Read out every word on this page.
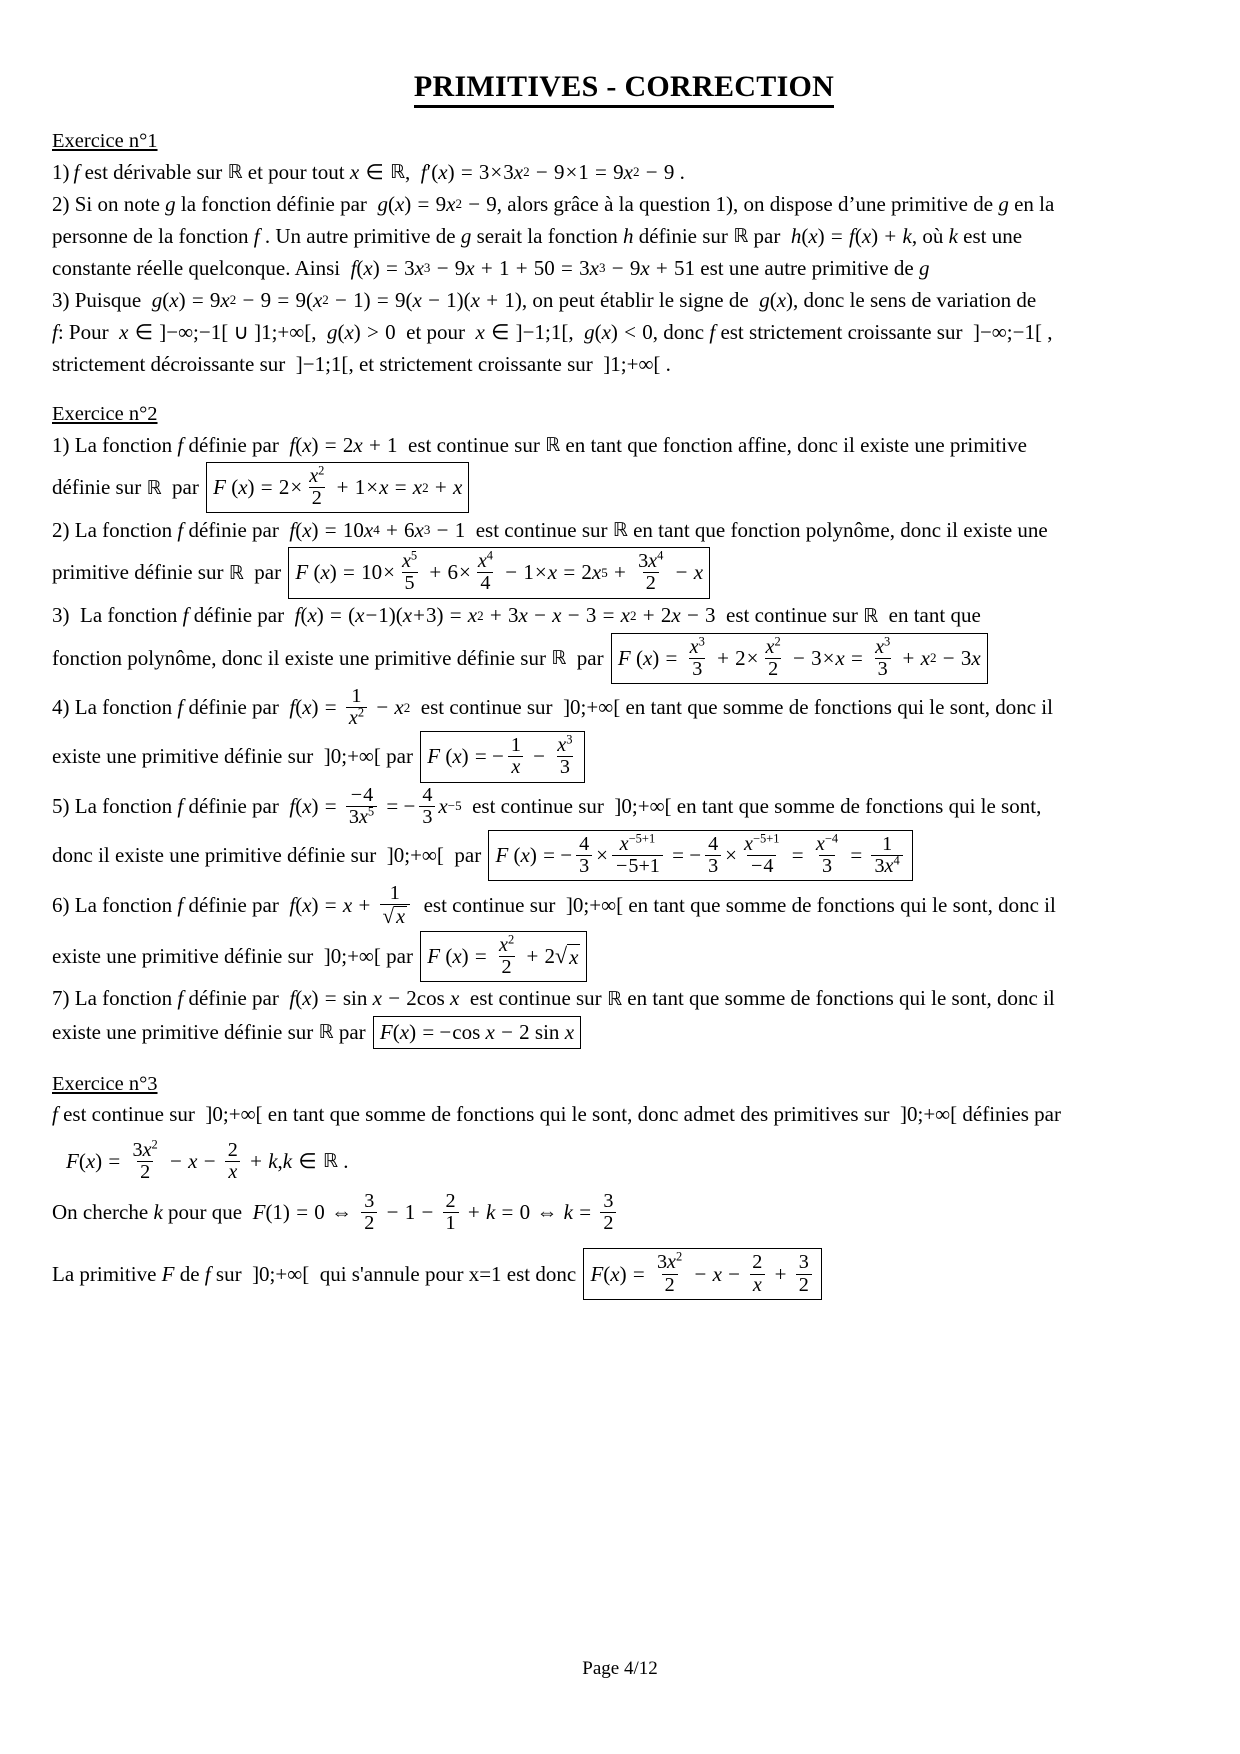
PRIMITIVES - CORRECTION
Exercice n°1
1) f est dérivable sur ℝ et pour tout x ∈ ℝ , f ′( x ) = 3 × 3 x 2 − 9 × 1 = 9 x 2 − 9 .
2) Si on note g la fonction définie par g ( x ) = 9 x 2 − 9 , alors grâce à la question 1), on dispose d’une primitive de g en la
personne de la fonction f . Un autre primitive de g serait la fonction h définie sur ℝ par h ( x ) = f ( x ) + k , où k est une
constante réelle quelconque. Ainsi f ( x ) = 3 x 3 − 9 x + 1 + 50 = 3 x 3 − 9 x + 51 est une autre primitive de g
3) Puisque g ( x ) = 9 x 2 − 9 = 9 ( x 2 − 1) = 9( x − 1)( x + 1) , on peut établir le signe de g ( x ) , donc le sens de variation de
f : Pour x ∈ ]−∞;−1[ ∪ ]1;+∞[ , g ( x ) > 0 et pour x ∈ ]−1;1[ , g ( x ) < 0 , donc f est strictement croissante sur ]−∞;−1[ ,
strictement décroissante sur ]−1;1[ , et strictement croissante sur ]1;+∞[ .
Exercice n°2
1) La fonction f définie par f ( x ) = 2 x + 1 est continue sur ℝ en tant que fonction affine, donc il existe une primitive
définie sur ℝ par F ( x ) = $2 \times \frac{x^2}{2} + 1 \times x = x$ 2 + x
2) La fonction f définie par f ( x ) = 10 x 4 + 6 x 3 − 1 est continue sur ℝ en tant que fonction polynôme, donc il existe une
primitive définie sur ℝ par F ( x ) = $10 \times \frac{x^5}{5} + 6 \times \frac{x^4}{4} - 1 \times x = 2$ x $5 + \frac{3x^4}{2} - x$
3)  La fonction f définie par f ( x ) = ( x − 1)( x + 3) = x 2 + 3 x − x − 3 = x 2 + 2 x − 3 est continue sur ℝ en tant que
fonction polynôme, donc il existe une primitive définie sur ℝ par F ( x ) = $\frac{x^3}{3} + 2 \times \frac{x^2}{2} - 3 \times x = \frac{x^3}{3} + x$ 2 − 3 x
4) La fonction f définie par f ( x ) = $\frac{1}{x^2} - x$ 2 est continue sur ]0;+∞[ en tant que somme de fonctions qui le sont, donc il
existe une primitive définie sur ]0;+∞[ par F ( x ) = − $\frac{1}{x} - \frac{x^3}{3}$
5) La fonction f définie par f ( x ) = $\frac{-4}{3x^5}$ = − $\frac{4}{3}$ x −5 est continue sur ]0;+∞[ en tant que somme de fonctions qui le sont,
donc il existe une primitive définie sur ]0;+∞[ par F ( x ) = − $\frac{4}{3} \times \frac{x^{-5+1}}{-5+1}$ = − $\frac{4}{3} \times \frac{x^{-5+1}}{-4} = \frac{x^{-4}}{3} = \frac{1}{3x^4}$
6) La fonction f définie par f ( x ) = $x + \frac{1}{√ x}$ est continue sur ]0;+∞[ en tant que somme de fonctions qui le sont, donc il
existe une primitive définie sur ]0;+∞[ par F ( x ) = $\frac{x^2}{2} + 2$ √ x
7) La fonction f définie par f ( x ) = sin x − 2cos x est continue sur ℝ en tant que somme de fonctions qui le sont, donc il
existe une primitive définie sur ℝ par F ( x ) = − cos x − 2 sin x
Exercice n°3
f est continue sur ]0;+∞[ en tant que somme de fonctions qui le sont, donc admet des primitives sur ]0;+∞[ définies par
F ( x ) = $\frac{3x^2}{2} - x - \frac{2}{x} + k$ , k ∈ ℝ .
On cherche k pour que F (1) = 0 ⇔ $\frac{3}{2} - 1 - \frac{2}{1} + k = 0$ ⇔ $k = \frac{3}{2}$
La primitive F de f sur ]0;+∞[ qui s'annule pour x=1 est donc F ( x ) = $\frac{3x^2}{2} - x - \frac{2}{x} + \frac{3}{2}$
Page 4/12
